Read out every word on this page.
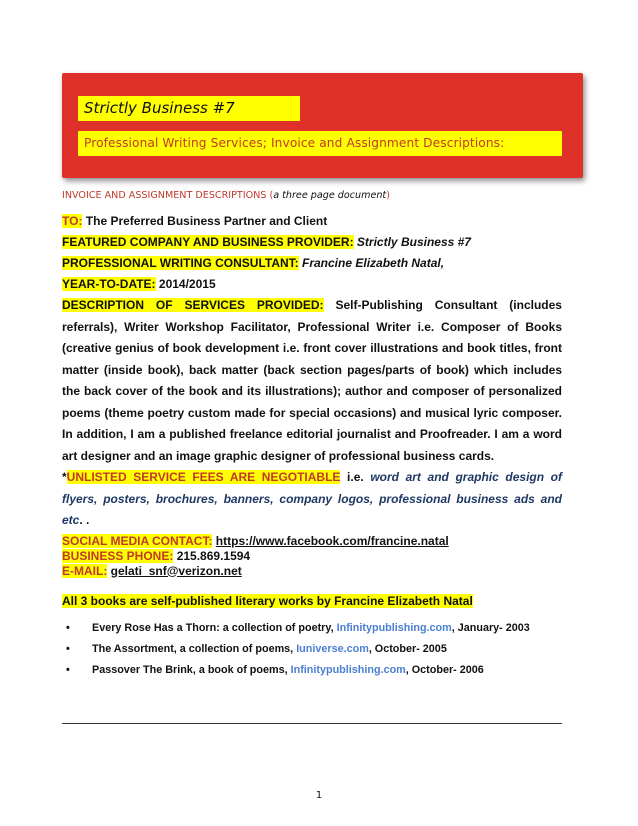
Strictly Business #7
Professional Writing Services; Invoice and Assignment Descriptions:
INVOICE AND ASSIGNMENT DESCRIPTIONS (a three page document)
TO: The Preferred Business Partner and Client
FEATURED COMPANY AND BUSINESS PROVIDER: Strictly Business #7
PROFESSIONAL WRITING CONSULTANT: Francine Elizabeth Natal,
YEAR-TO-DATE: 2014/2015

DESCRIPTION OF SERVICES PROVIDED: Self-Publishing Consultant (includes referrals), Writer Workshop Facilitator, Professional Writer i.e. Composer of Books (creative genius of book development i.e. front cover illustrations and book titles, front matter (inside book), back matter (back section pages/parts of book) which includes the back cover of the book and its illustrations); author and composer of personalized poems (theme poetry custom made for special occasions) and musical lyric composer. In addition, I am a published freelance editorial journalist and Proofreader. I am a word art designer and an image graphic designer of professional business cards.

*UNLISTED SERVICE FEES ARE NEGOTIABLE i.e. word art and graphic design of flyers, posters, brochures, banners, company logos, professional business ads and etc. .

SOCIAL MEDIA CONTACT: https://www.facebook.com/francine.natal
BUSINESS PHONE: 215.869.1594
E-MAIL: gelati_snf@verizon.net
All 3 books are self-published literary works by Francine Elizabeth Natal
• Every Rose Has a Thorn: a collection of poetry, Infinitypublishing.com, January- 2003
• The Assortment, a collection of poems, Iuniverse.com, October- 2005
• Passover The Brink, a book of poems, Infinitypublishing.com, October- 2006
1
